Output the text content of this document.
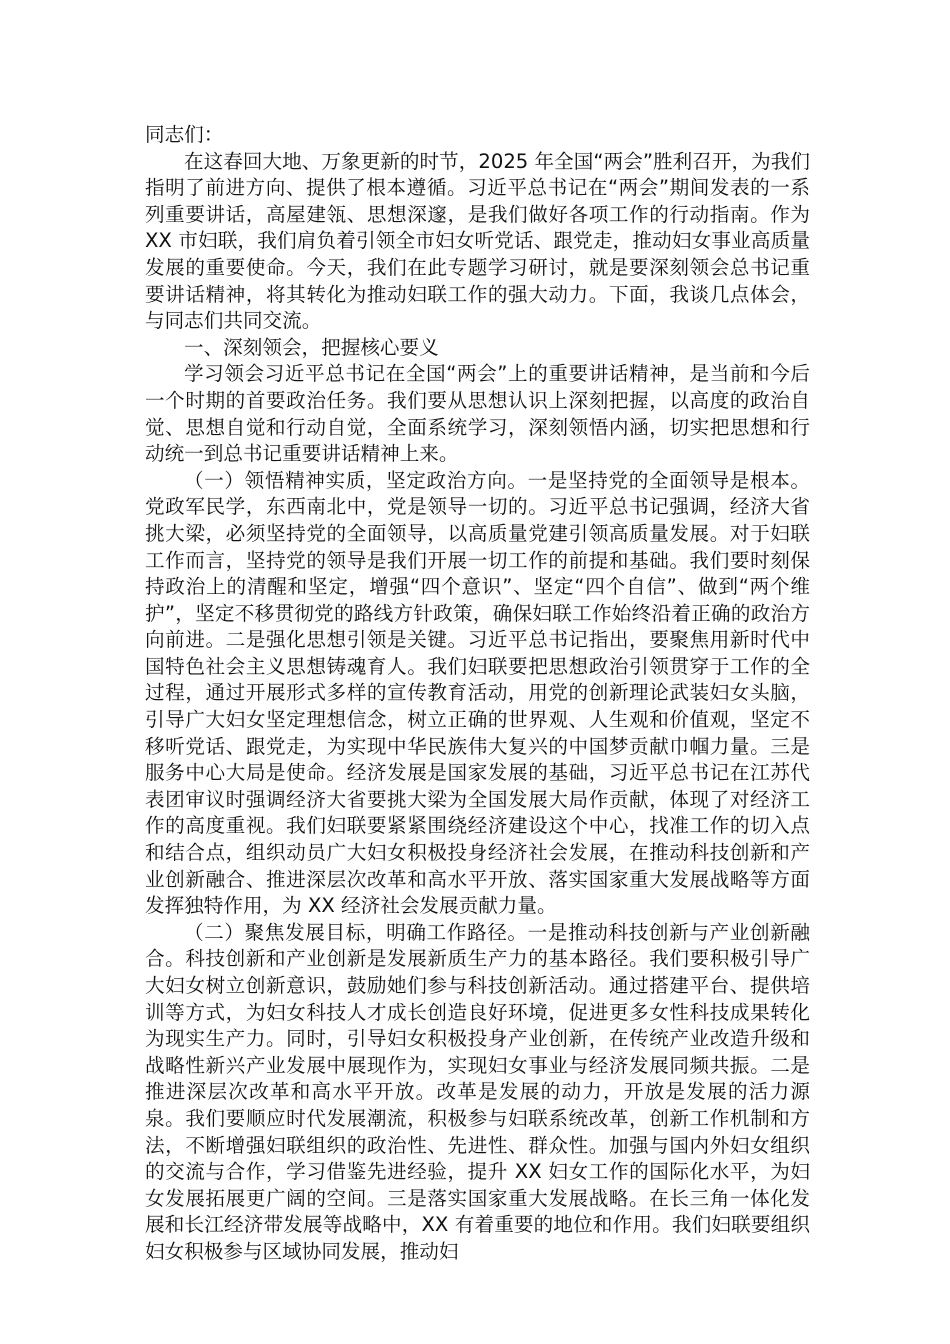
同志们：

在这春回大地、万象更新的时节，2025 年全国“两会”胜利召开，为我们指明了前进方向、提供了根本遵循。习近平总书记在“两会”期间发表的一系列重要讲话，高屋建瓴、思想深邃，是我们做好各项工作的行动指南。作为 XX 市妇联，我们肩负着引领全市妇女听党话、跟党走，推动妇女事业高质量发展的重要使命。今天，我们在此专题学习研讨，就是要深刻领会总书记重要讲话精神，将其转化为推动妇联工作的强大动力。下面，我谈几点体会，与同志们共同交流。

一、深刻领会，把握核心要义

学习领会习近平总书记在全国“两会”上的重要讲话精神，是当前和今后一个时期的首要政治任务。我们要从思想认识上深刻把握，以高度的政治自觉、思想自觉和行动自觉，全面系统学习，深刻领悟内涵，切实把思想和行动统一到总书记重要讲话精神上来。

（一）领悟精神实质，坚定政治方向。一是坚持党的全面领导是根本。党政军民学，东西南北中，党是领导一切的。习近平总书记强调，经济大省挑大梁，必须坚持党的全面领导，以高质量党建引领高质量发展。对于妇联工作而言，坚持党的领导是我们开展一切工作的前提和基础。我们要时刻保持政治上的清醒和坚定，增强“四个意识”、坚定“四个自信”、做到“两个维护”，坚定不移贯彻党的路线方针政策，确保妇联工作始终沿着正确的政治方向前进。二是强化思想引领是关键。习近平总书记指出，要聚焦用新时代中国特色社会主义思想铸魂育人。我们妇联要把思想政治引领贯穿于工作的全过程，通过开展形式多样的宣传教育活动，用党的创新理论武装妇女头脑，引导广大妇女坚定理想信念，树立正确的世界观、人生观和价值观，坚定不移听党话、跟党走，为实现中华民族伟大复兴的中国梦贡献巾帼力量。三是服务中心大局是使命。经济发展是国家发展的基础，习近平总书记在江苏代表团审议时强调经济大省要挑大梁为全国发展大局作贡献，体现了对经济工作的高度重视。我们妇联要紧紧围绕经济建设这个中心，找准工作的切入点和结合点，组织动员广大妇女积极投身经济社会发展，在推动科技创新和产业创新融合、推进深层次改革和高水平开放、落实国家重大发展战略等方面发挥独特作用，为 XX 经济社会发展贡献力量。

（二）聚焦发展目标，明确工作路径。一是推动科技创新与产业创新融合。科技创新和产业创新是发展新质生产力的基本路径。我们要积极引导广大妇女树立创新意识，鼓励她们参与科技创新活动。通过搭建平台、提供培训等方式，为妇女科技人才成长创造良好环境，促进更多女性科技成果转化为现实生产力。同时，引导妇女积极投身产业创新，在传统产业改造升级和战略性新兴产业发展中展现作为，实现妇女事业与经济发展同频共振。二是推进深层次改革和高水平开放。改革是发展的动力，开放是发展的活力源泉。我们要顺应时代发展潮流，积极参与妇联系统改革，创新工作机制和方法，不断增强妇联组织的政治性、先进性、群众性。加强与国内外妇女组织的交流与合作，学习借鉴先进经验，提升 XX 妇女工作的国际化水平，为妇女发展拓展更广阔的空间。三是落实国家重大发展战略。在长三角一体化发展和长江经济带发展等战略中，XX 有着重要的地位和作用。我们妇联要组织妇女积极参与区域协同发展，推动妇
